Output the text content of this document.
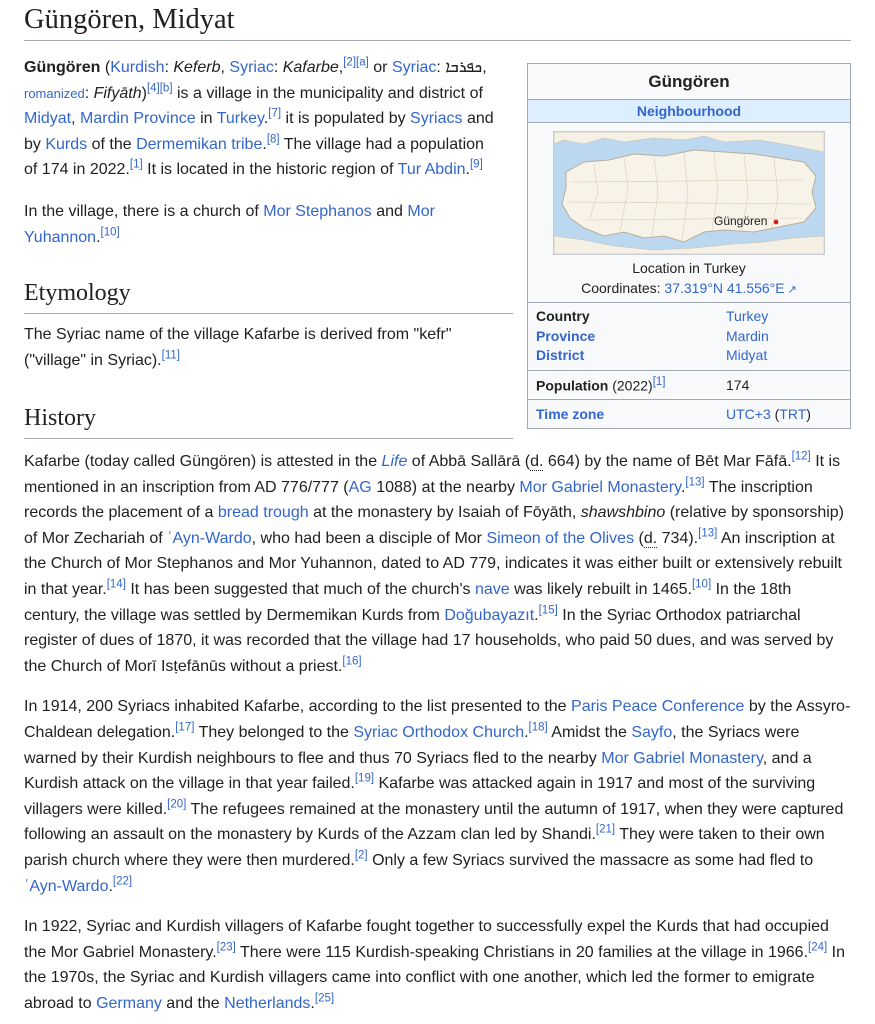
Güngören, Midyat

Güngören (Kurdish: Keferb, Syriac: Kafarbe,[2][a] or Syriac: ܟܦܪܒܐ, romanized: Fifyāth)[4][b] is a village in the municipality and district of Midyat, Mardin Province in Turkey.[7] it is populated by Syriacs and by Kurds of the Dermemikan tribe.[8] The village had a population of 174 in 2022.[1] It is located in the historic region of Tur Abdin.[9]

In the village, there is a church of Mor Stephanos and Mor Yuhannon.[10]

Etymology

The Syriac name of the village Kafarbe is derived from "kefr" ("village" in Syriac).[11]

History

Kafarbe (today called Güngören) is attested in the Life of Abbā Sallārā (d. 664) by the name of Bēt Mar Fāfā.[12] It is mentioned in an inscription from AD 776/777 (AG 1088) at the nearby Mor Gabriel Monastery.[13] The inscription records the placement of a bread trough at the monastery by Isaiah of Fōyāth, shawshbino (relative by sponsorship) of Mor Zechariah of ʿAyn-Wardo, who had been a disciple of Mor Simeon of the Olives (d. 734).[13] An inscription at the Church of Mor Stephanos and Mor Yuhannon, dated to AD 779, indicates it was either built or extensively rebuilt in that year.[14] It has been suggested that much of the church's nave was likely rebuilt in 1465.[10] In the 18th century, the village was settled by Dermemikan Kurds from Doğubayazıt.[15] In the Syriac Orthodox patriarchal register of dues of 1870, it was recorded that the village had 17 households, who paid 50 dues, and was served by the Church of Morī Isṭefānūs without a priest.[16]

In 1914, 200 Syriacs inhabited Kafarbe, according to the list presented to the Paris Peace Conference by the Assyro-Chaldean delegation.[17] They belonged to the Syriac Orthodox Church.[18] Amidst the Sayfo, the Syriacs were warned by their Kurdish neighbours to flee and thus 70 Syriacs fled to the nearby Mor Gabriel Monastery, and a Kurdish attack on the village in that year failed.[19] Kafarbe was attacked again in 1917 and most of the surviving villagers were killed.[20] The refugees remained at the monastery until the autumn of 1917, when they were captured following an assault on the monastery by Kurds of the Azzam clan led by Shandi.[21] They were taken to their own parish church where they were then murdered.[2] Only a few Syriacs survived the massacre as some had fled to ʿAyn-Wardo.[22]

In 1922, Syriac and Kurdish villagers of Kafarbe fought together to successfully expel the Kurds that had occupied the Mor Gabriel Monastery.[23] There were 115 Kurdish-speaking Christians in 20 families at the village in 1966.[24] In the 1970s, the Syriac and Kurdish villagers came into conflict with one another, which led the former to emigrate abroad to Germany and the Netherlands.[25]

Güngören
Neighbourhood
Güngören
Location in Turkey
Coordinates: 37.319°N 41.556°E ↗
Country	Turkey
Province	Mardin
District	Midyat
Population (2022)[1]	174
Time zone	UTC+3 (TRT)
